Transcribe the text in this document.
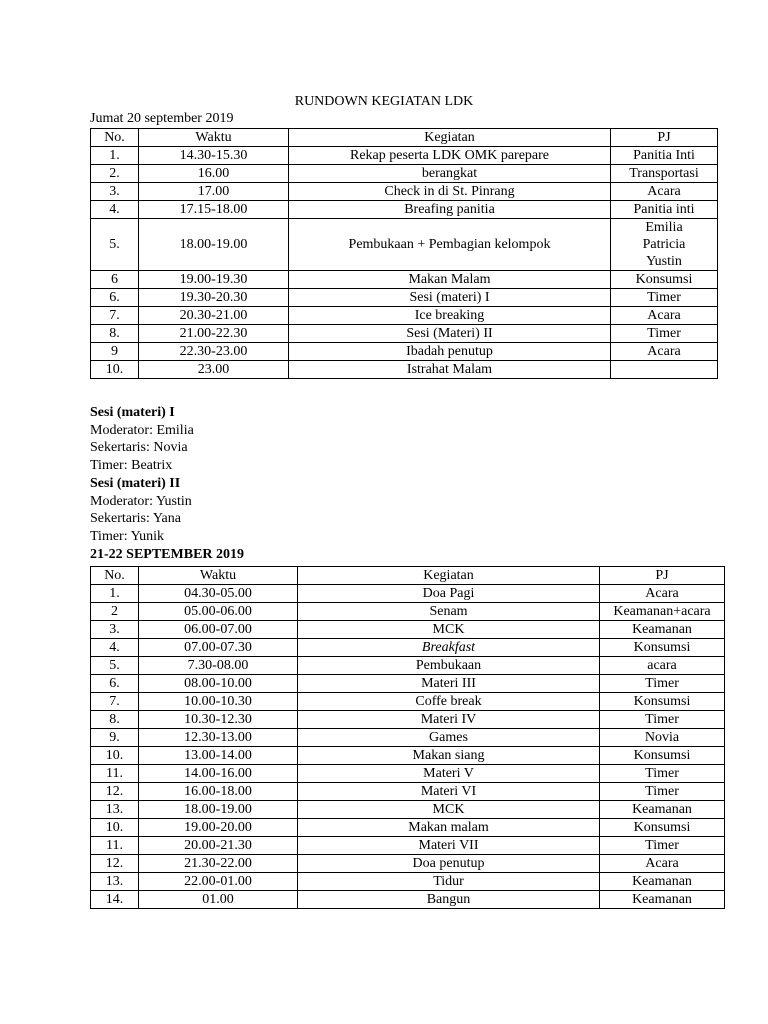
RUNDOWN KEGIATAN LDK
Jumat 20 september 2019
No.	Waktu	Kegiatan	PJ
1.	14.30-15.30	Rekap peserta LDK OMK parepare	Panitia Inti
2.	16.00	berangkat	Transportasi
3.	17.00	Check in di St. Pinrang	Acara
4.	17.15-18.00	Breafing panitia	Panitia inti
5.	18.00-19.00	Pembukaan + Pembagian kelompok	Emilia
Patricia
Yustin

6	19.00-19.30	Makan Malam	Konsumsi
6.	19.30-20.30	Sesi (materi) I	Timer
7.	20.30-21.00	Ice breaking	Acara
8.	21.00-22.30	Sesi (Materi) II	Timer
9	22.30-23.00	Ibadah penutup	Acara
10.	23.00	Istrahat Malam	
Sesi (materi) I
Moderator: Emilia
Sekertaris: Novia
Timer: Beatrix
Sesi (materi) II
Moderator: Yustin
Sekertaris: Yana
Timer: Yunik
21-22 SEPTEMBER 2019
No.	Waktu	Kegiatan	PJ
1.	04.30-05.00	Doa Pagi	Acara
2	05.00-06.00	Senam	Keamanan+acara
3.	06.00-07.00	MCK	Keamanan
4.	07.00-07.30	Breakfast	Konsumsi
5.	7.30-08.00	Pembukaan	acara
6.	08.00-10.00	Materi III	Timer
7.	10.00-10.30	Coffe break	Konsumsi
8.	10.30-12.30	Materi IV	Timer
9.	12.30-13.00	Games	Novia
10.	13.00-14.00	Makan siang	Konsumsi
11.	14.00-16.00	Materi V	Timer
12.	16.00-18.00	Materi VI	Timer
13.	18.00-19.00	MCK	Keamanan
10.	19.00-20.00	Makan malam	Konsumsi
11.	20.00-21.30	Materi VII	Timer
12.	21.30-22.00	Doa penutup	Acara
13.	22.00-01.00	Tidur	Keamanan
14.	01.00	Bangun	Keamanan
